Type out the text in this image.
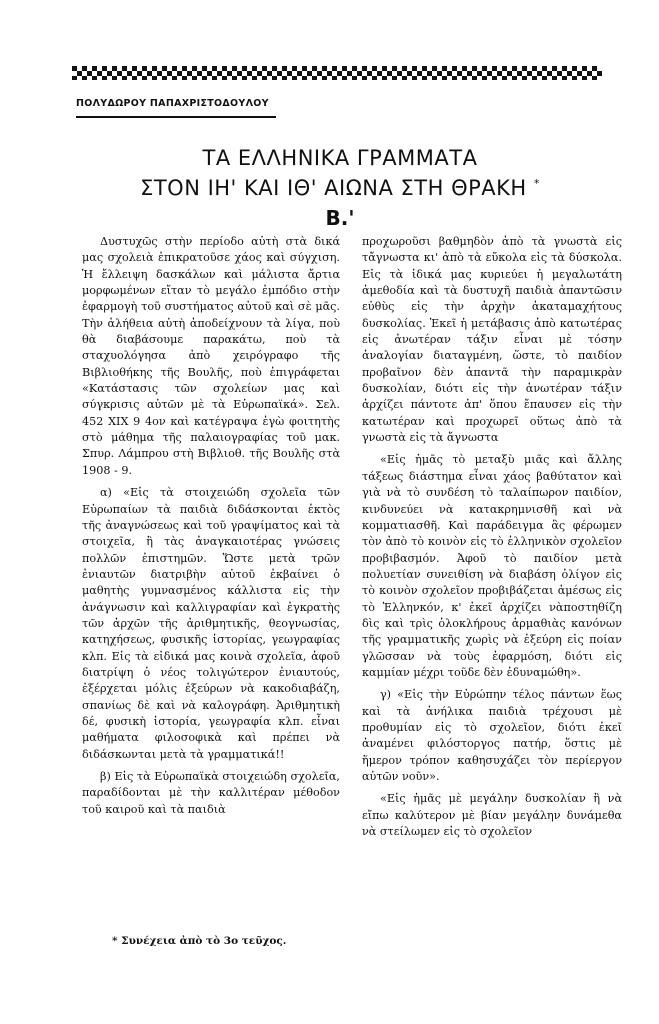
ΠΟΛΥΔΩΡΟΥ ΠΑΠΑΧΡΙΣΤΟΔΟΥΛΟΥ
ΤΑ ΕΛΛΗΝΙΚΑ ΓΡΑΜΜΑΤΑ
ΣΤΟΝ ΙΗ' ΚΑΙ ΙΘ' ΑΙΩΝΑ ΣΤΗ ΘΡΑΚΗ *
Β.'

Δυστυχῶς στὴν περίοδο αὐτὴ στὰ δικά μας σχολειὰ ἐπικρατοῦσε χάος καὶ σύγχιση. Ἡ ἔλλειψη δασκάλων καὶ μάλιστα ἄρτια μορφωμένων εἴταν τὸ μεγάλο ἐμπόδιο στὴν ἐφαρμογὴ τοῦ συστήματος αὐτοῦ καὶ σὲ μᾶς. Τὴν ἀλήθεια αὐτὴ ἀποδείχνουν τὰ λίγα, ποὺ θὰ διαβάσουμε παρακάτω, ποὺ τὰ σταχυολόγησα ἀπὸ χειρόγραφο τῆς Βιβλιοθήκης τῆς Βουλῆς, ποὺ ἐπιγράφεται «Κατάστασις τῶν σχολείων μας καὶ σύγκρισις αὐτῶν μὲ τὰ Εὐρωπαϊκά». Σελ. 452 ΧΙΧ 9 4ον καὶ κατέγραψα ἐγὼ φοιτητὴς στὸ μάθημα τῆς παλαιογραφίας τοῦ μακ. Σπυρ. Λάμπρου στὴ Βιβλιοθ. τῆς Βουλῆς στὰ 1908 - 9.

α) «Εἰς τὰ στοιχειώδη σχολεῖα τῶν Εὐρωπαίων τὰ παιδιὰ διδάσκονται ἐκτὸς τῆς ἀναγνώσεως καὶ τοῦ γραψίματος καὶ τὰ στοιχεῖα, ἢ τὰς ἀναγκαιοτέρας γνώσεις πολλῶν ἐπιστημῶν. Ὥστε μετὰ τρῶν ἐνιαυτῶν διατριβὴν αὐτοῦ ἐκβαίνει ὁ μαθητὴς γυμνασμένος κάλλιστα εἰς τὴν ἀνάγνωσιν καὶ καλλιγραφίαν καὶ ἐγκρατὴς τῶν ἀρχῶν τῆς ἀριθμητικῆς, θεογνωσίας, κατηχήσεως, φυσικῆς ἱστορίας, γεωγραφίας κλπ. Εἰς τὰ εἰδικά μας κοινὰ σχολεῖα, ἀφοῦ διατρίψη ὁ νέος τολιγώτερον ἐνιαυτούς, ἐξέρχεται μόλις ἐξεύρων νὰ κακοδιαβάζη, σπανίως δὲ καὶ νὰ καλογράφη. Ἀριθμητικὴ δέ, φυσικὴ ἱστορία, γεωγραφία κλπ. εἶναι μαθήματα φιλοσοφικὰ καὶ πρέπει νὰ διδάσκωνται μετὰ τὰ γραμματικά!!

β) Εἰς τὰ Εὐρωπαϊκὰ στοιχειώδη σχολεῖα, παραδίδονται μὲ τὴν καλλιτέραν μέθοδον τοῦ καιροῦ καὶ τὰ παιδιὰ

προχωροῦσι βαθμηδὸν ἀπὸ τὰ γνωστὰ εἰς τἄγνωστα κι' ἀπὸ τὰ εὔκολα εἰς τὰ δύσκολα. Εἰς τὰ ἰδικά μας κυριεύει ἡ μεγαλωτάτη ἀμεθοδία καὶ τὰ δυστυχῆ παιδιὰ ἀπαντῶσιν εὐθὺς εἰς τὴν ἀρχὴν ἀκαταμαχήτους δυσκολίας. Ἐκεῖ ἡ μετάβασις ἀπὸ κατωτέρας εἰς ἀνωτέραν τάξιν εἶναι μὲ τόσην ἀναλογίαν διαταγμένη, ὥστε, τὸ παιδίον προβαῖνον δὲν ἀπαντᾶ τὴν παραμικρὰν δυσκολίαν, διότι εἰς τὴν ἀνωτέραν τάξιν ἀρχίζει πάντοτε ἀπ' ὅπου ἔπαυσεν εἰς τὴν κατωτέραν καὶ προχωρεῖ οὕτως ἀπὸ τὰ γνωστὰ εἰς τὰ ἄγνωστα

«Εἰς ἡμᾶς τὸ μεταξὺ μιᾶς καὶ ἄλλης τάξεως διάστημα εἶναι χάος βαθύτατον καὶ γιὰ νὰ τὸ συνδέση τὸ ταλαίπωρον παιδίον, κινδυνεύει νὰ κατακρημνισθῆ καὶ νὰ κομματιασθῆ. Καὶ παράδειγμα ἂς φέρωμεν τὸν ἀπὸ τὸ κοινὸν εἰς τὸ ἑλληνικὸν σχολεῖον προβιβασμόν. Ἀφοῦ τὸ παιδίον μετὰ πολυετίαν συνειθίση νὰ διαβάση ὀλίγον εἰς τὸ κοινὸν σχολεῖον προβιβάζεται ἀμέσως εἰς τὸ Ἑλληνκόν, κ' ἐκεῖ ἀρχίζει νὰποστηθίζη δὶς καὶ τρὶς ὁλοκλήρους ἁρμαθιὰς κανόνων τῆς γραμματικῆς χωρὶς νὰ ἐξεύρη εἰς ποίαν γλῶσσαν νὰ τοὺς ἐφαρμόση, διότι εἰς καμμίαν μέχρι τοῦδε δὲν ἐδυναμώθη».

γ) «Εἰς τὴν Εὐρώπην τέλος πάντων ἕως καὶ τὰ ἀνήλικα παιδιὰ τρέχουσι μὲ προθυμίαν εἰς τὸ σχολεῖον, διότι ἐκεῖ ἀναμένει φιλόστοργος πατήρ, ὅστις μὲ ἥμερον τρόπον καθησυχάζει τὸν περίεργον αὐτῶν νοῦν».

«Εἰς ἡμᾶς μὲ μεγάλην δυσκολίαν ἢ νὰ εἴπω καλύτερον μὲ βίαν μεγάλην δυνάμεθα νὰ στείλωμεν εἰς τὸ σχολεῖον

* Συνέχεια ἀπὸ τὸ 3ο τεῦχος.
